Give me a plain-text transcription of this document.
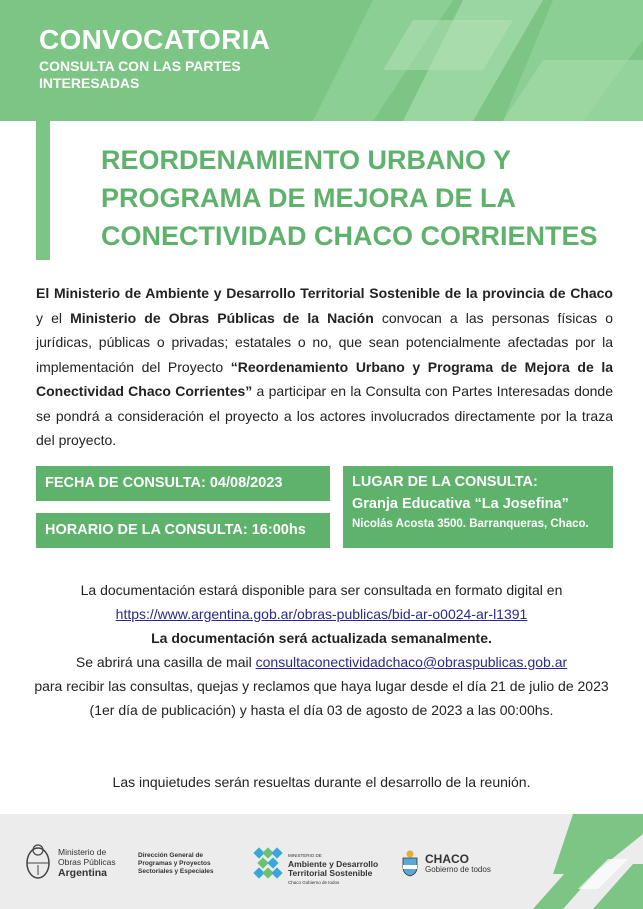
CONVOCATORIA
CONSULTA CON LAS PARTES INTERESADAS
REORDENAMIENTO URBANO Y PROGRAMA DE MEJORA DE LA CONECTIVIDAD CHACO CORRIENTES
El Ministerio de Ambiente y Desarrollo Territorial Sostenible de la provincia de Chaco y el Ministerio de Obras Públicas de la Nación convocan a las personas físicas o jurídicas, públicas o privadas; estatales o no, que sean potencialmente afectadas por la implementación del Proyecto “Reordenamiento Urbano y Programa de Mejora de la Conectividad Chaco Corrientes” a participar en la Consulta con Partes Interesadas donde se pondrá a consideración el proyecto a los actores involucrados directamente por la traza del proyecto.
FECHA DE CONSULTA: 04/08/2023
HORARIO DE LA CONSULTA: 16:00hs
LUGAR DE LA CONSULTA:
Granja Educativa “La Josefina”
Nicolás Acosta 3500. Barranqueras, Chaco.
La documentación estará disponible para ser consultada en formato digital en
https://www.argentina.gob.ar/obras-publicas/bid-ar-o0024-ar-l1391
La documentación será actualizada semanalmente.
Se abrirá una casilla de mail consultaconectividadchaco@obraspublicas.gob.ar
para recibir las consultas, quejas y reclamos que haya lugar desde el día 21 de julio de 2023
(1er día de publicación) y hasta el día 03 de agosto de 2023 a las 00:00hs.
Las inquietudes serán resueltas durante el desarrollo de la reunión.
Ministerio de
Obras Públicas
Argentina
Dirección General de
Programas y Proyectos
Sectoriales y Especiales
MINISTERIO DE
Ambiente y Desarrollo
Territorial Sostenible
Chaco Gobierno de todos
CHACO
Gobierno de todos
